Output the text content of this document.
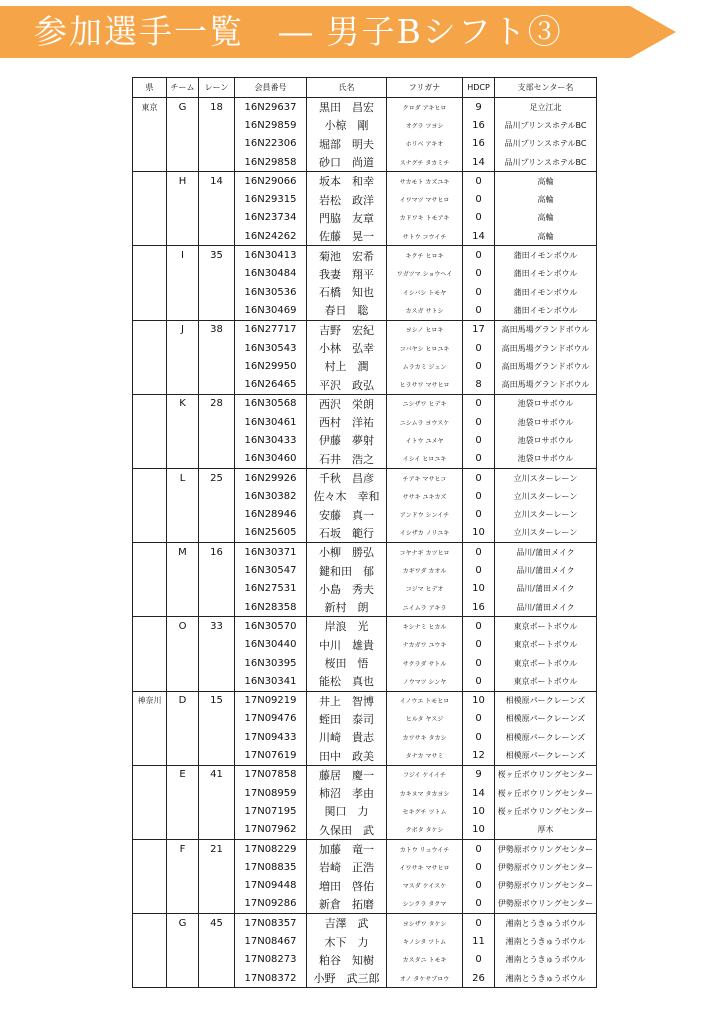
参加選手一覧　― 男子Bシフト③
県	チーム	レーン	会員番号	氏名	フリガナ	HDCP	支部センター名
東京	G	18	16N29637	黒田　昌宏	クロダ アキヒロ	9	足立江北
			16N29859	小椋　剛	オグラ ツヨシ	16	品川プリンスホテルBC
			16N22306	堀部　明夫	ホリベ アキオ	16	品川プリンスホテルBC
			16N29858	砂口　尚道	スナグチ タカミチ	14	品川プリンスホテルBC
	H	14	16N29066	坂本　和幸	サカモト カズユキ	0	高輪
			16N29315	岩松　政洋	イワマツ マサヒロ	0	高輪
			16N23734	門脇　友章	カドワキ トモアキ	0	高輪
			16N24262	佐藤　晃一	サトウ コウイチ	14	高輪
	I	35	16N30413	菊池　宏希	キクチ ヒロキ	0	蒲田イモンボウル
			16N30484	我妻　翔平	ワガツマ ショウヘイ	0	蒲田イモンボウル
			16N30536	石橋　知也	イシバシ トモヤ	0	蒲田イモンボウル
			16N30469	春日　聡	カスガ サトシ	0	蒲田イモンボウル
	J	38	16N27717	吉野　宏紀	ヨシノ ヒロキ	17	高田馬場グランドボウル
			16N30543	小林　弘幸	コバヤシ ヒロユキ	0	高田馬場グランドボウル
			16N29950	村上　潤	ムラカミ ジュン	0	高田馬場グランドボウル
			16N26465	平沢　政弘	ヒラサワ マサヒロ	8	高田馬場グランドボウル
	K	28	16N30568	西沢　栄朗	ニシザワ ヒデキ	0	池袋ロサボウル
			16N30461	西村　洋祐	ニシムラ ヨウスケ	0	池袋ロサボウル
			16N30433	伊藤　夢射	イトウ ユメヤ	0	池袋ロサボウル
			16N30460	石井　浩之	イシイ ヒロユキ	0	池袋ロサボウル
	L	25	16N29926	千秋　昌彦	チアキ マサヒコ	0	立川スターレーン
			16N30382	佐々木　幸和	ササキ ユキカズ	0	立川スターレーン
			16N28946	安藤　真一	アンドウ シンイチ	0	立川スターレーン
			16N25605	石坂　範行	イシザカ ノリユキ	10	立川スターレーン
	M	16	16N30371	小柳　勝弘	コヤナギ カツヒロ	0	品川/蒲田メイク
			16N30547	鍵和田　郁	カギワダ カオル	0	品川/蒲田メイク
			16N27531	小島　秀夫	コジマ ヒデオ	10	品川/蒲田メイク
			16N28358	新村　朗	ニイムラ アキラ	16	品川/蒲田メイク
	O	33	16N30570	岸浪　光	キシナミ ヒカル	0	東京ポートボウル
			16N30440	中川　雄貴	ナカガワ ユウキ	0	東京ポートボウル
			16N30395	桜田　悟	サクラダ サトル	0	東京ポートボウル
			16N30341	能松　真也	ノウマツ シンヤ	0	東京ポートボウル
神奈川	D	15	17N09219	井上　智博	イノウエ トモヒロ	10	相模原パークレーンズ
			17N09476	蛭田　泰司	ヒルタ ヤスジ	0	相模原パークレーンズ
			17N09433	川崎　貴志	カワサキ タカシ	0	相模原パークレーンズ
			17N07619	田中　政美	タナカ マサミ	12	相模原パークレーンズ
	E	41	17N07858	藤居　慶一	フジイ ケイイチ	9	桜ヶ丘ボウリングセンター
			17N08959	柿沼　孝由	カキヌマ タカヨシ	14	桜ヶ丘ボウリングセンター
			17N07195	関口　力	セキグチ ツトム	10	桜ヶ丘ボウリングセンター
			17N07962	久保田　武	クボタ タケシ	10	厚木
	F	21	17N08229	加藤　竜一	カトウ リュウイチ	0	伊勢原ボウリングセンター
			17N08835	岩崎　正浩	イワサキ マサヒロ	0	伊勢原ボウリングセンター
			17N09448	増田　啓佑	マスダ ケイスケ	0	伊勢原ボウリングセンター
			17N09286	新倉　拓磨	シンクラ タクマ	0	伊勢原ボウリングセンター
	G	45	17N08357	吉澤　武	ヨシザワ タケシ	0	湘南とうきゅうボウル
			17N08467	木下　力	キノシタ ツトム	11	湘南とうきゅうボウル
			17N08273	粕谷　知樹	カスタニ トモキ	0	湘南とうきゅうボウル
			17N08372	小野　武三郎	オノ タケサブロウ	26	湘南とうきゅうボウル
